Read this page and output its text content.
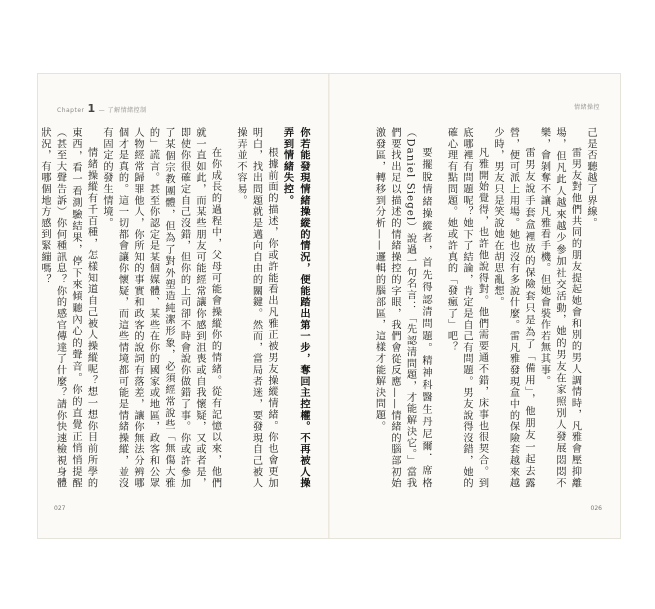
Chapter 1 — 了解情緒控制	情緒操控

己是否聽越了界線。

雷男友對他們共同的朋友提起她會和別的男人調情時，凡雅會壓抑離場，但凡此人越來越少參加社交活動，她的男友在家照別人發展悶悶不樂，會剝奪不讓凡雅看手機。但她會裝作若無其事。

雷男友說手套盒裡放的保險套只是為了「備用」，他朋友一起去露營，便可派上用場。她也沒有多說什麼。雷凡雅發現盒中的保險套越來越少時，男友只是笑說她在胡思亂想。

凡雅開始覺得，也許他說得對。他們需要通不錯，床事也很契合。到底哪裡有問題呢？她下了結論，肯定是自己有問題。男友說得沒錯，她的確心理有點問題。她或許真的「發瘋了」吧？

要擺脫情緒操縱者，首先得認清問題。精神科醫生丹尼爾．席格（Daniel Siegel）說過一句名言：「先認清問題，才能解決它。」當我們要找出足以描述的情緒操控的字眼，我們會從反應——情緒的腦部初始激發區，轉移到分析——邏輯的腦部區，這樣才能解決問題。

你若能發現情緒操縱的情況，便能踏出第一步，奪回主控權。不再被人操弄到情緒失控。

根據前面的描述，你或許能看出凡雅正被男友操縱情緒。你也會更加明白，找出問題就是邁向自由的關鍵。然而，當局者迷，要發現自己被人操弄並不容易。

在你成長的過程中，父母可能會操縱你的情緒。從有記憶以來，他們就一直如此，而某些朋友可能經常讓你感到沮喪或自我懷疑，又或者是，即使你很確定自己沒錯，但你的上司卻不時會說你做錯了事。你或許參加了某個宗教團體，但為了對外塑造純潔形象，必須經常說些「無傷大雅的」謊言。甚至你認定是某個媒體、某些在你的國家或地區，政客和公眾人物經常歸罪他人，你所知的事實和政客的說詞有落差，讓你無法分辨哪個才是真的。這一切都會讓你懷疑，而這些情境都可能是情緒操縱，並沒有固定的發生情境。

情緒操縱有千百種，怎樣知道自己被人操縱呢？想一想你目前所學的東西，看一看測驗結果，停下來傾聽內心的聲音。你的直覺正悄悄提醒（甚至大聲告訴）你何種訊息？你的感官傳達了什麼？請你快速檢視身體狀況，有哪個地方感到緊繃嗎？

027	026
